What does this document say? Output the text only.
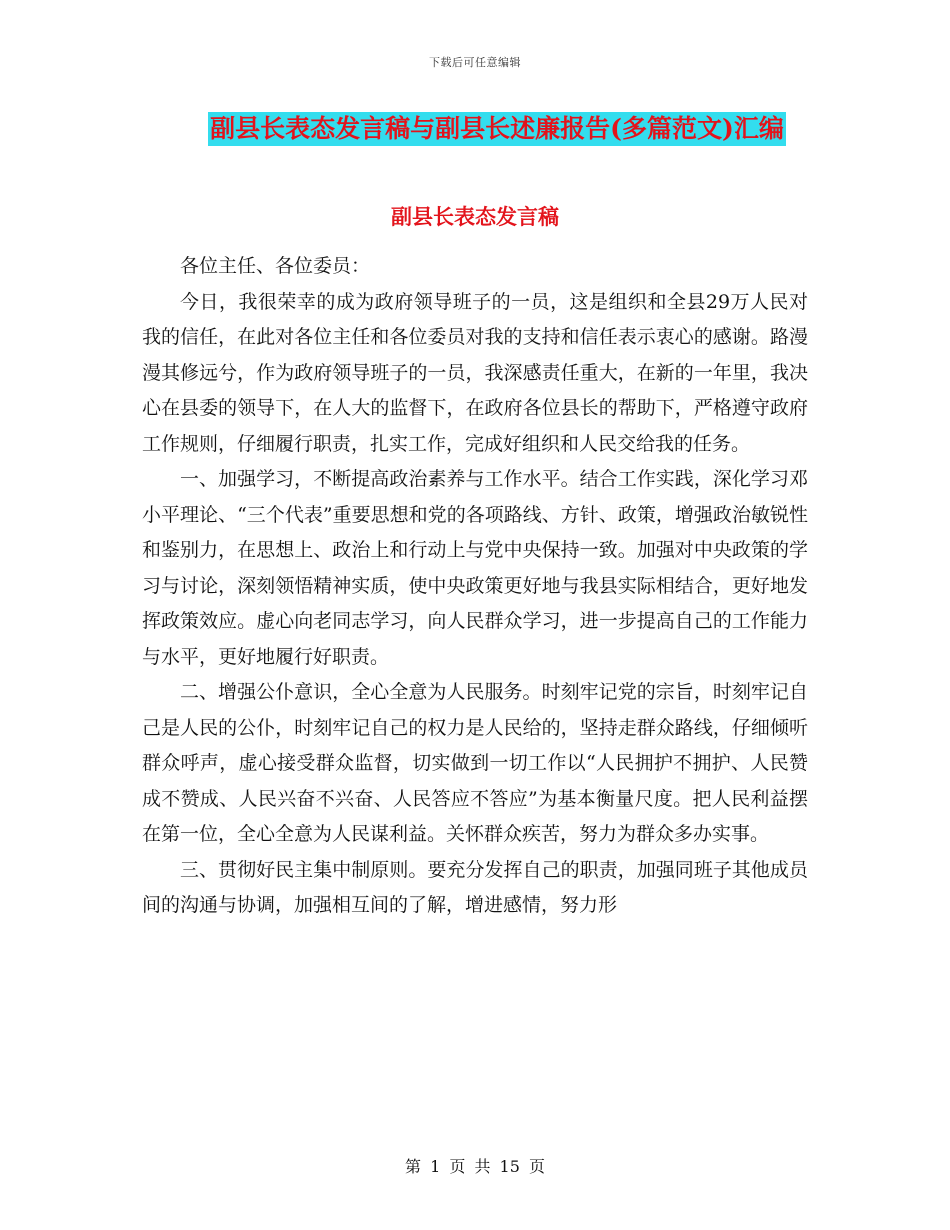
下载后可任意编辑
副县长表态发言稿与副县长述廉报告(多篇范文)汇编
副县长表态发言稿

各位主任、各位委员：

今日，我很荣幸的成为政府领导班子的一员，这是组织和全县29万人民对我的信任，在此对各位主任和各位委员对我的支持和信任表示衷心的感谢。路漫漫其修远兮，作为政府领导班子的一员，我深感责任重大，在新的一年里，我决心在县委的领导下，在人大的监督下，在政府各位县长的帮助下，严格遵守政府工作规则，仔细履行职责，扎实工作，完成好组织和人民交给我的任务。

一、加强学习，不断提高政治素养与工作水平。结合工作实践，深化学习邓小平理论、“三个代表”重要思想和党的各项路线、方针、政策，增强政治敏锐性和鉴别力，在思想上、政治上和行动上与党中央保持一致。加强对中央政策的学习与讨论，深刻领悟精神实质，使中央政策更好地与我县实际相结合，更好地发挥政策效应。虚心向老同志学习，向人民群众学习，进一步提高自己的工作能力与水平，更好地履行好职责。

二、增强公仆意识，全心全意为人民服务。时刻牢记党的宗旨，时刻牢记自己是人民的公仆，时刻牢记自己的权力是人民给的，坚持走群众路线，仔细倾听群众呼声，虚心接受群众监督，切实做到一切工作以“人民拥护不拥护、人民赞成不赞成、人民兴奋不兴奋、人民答应不答应”为基本衡量尺度。把人民利益摆在第一位，全心全意为人民谋利益。关怀群众疾苦，努力为群众多办实事。

三、贯彻好民主集中制原则。要充分发挥自己的职责，加强同班子其他成员间的沟通与协调，加强相互间的了解，增进感情，努力形

第 1 页 共 15 页
